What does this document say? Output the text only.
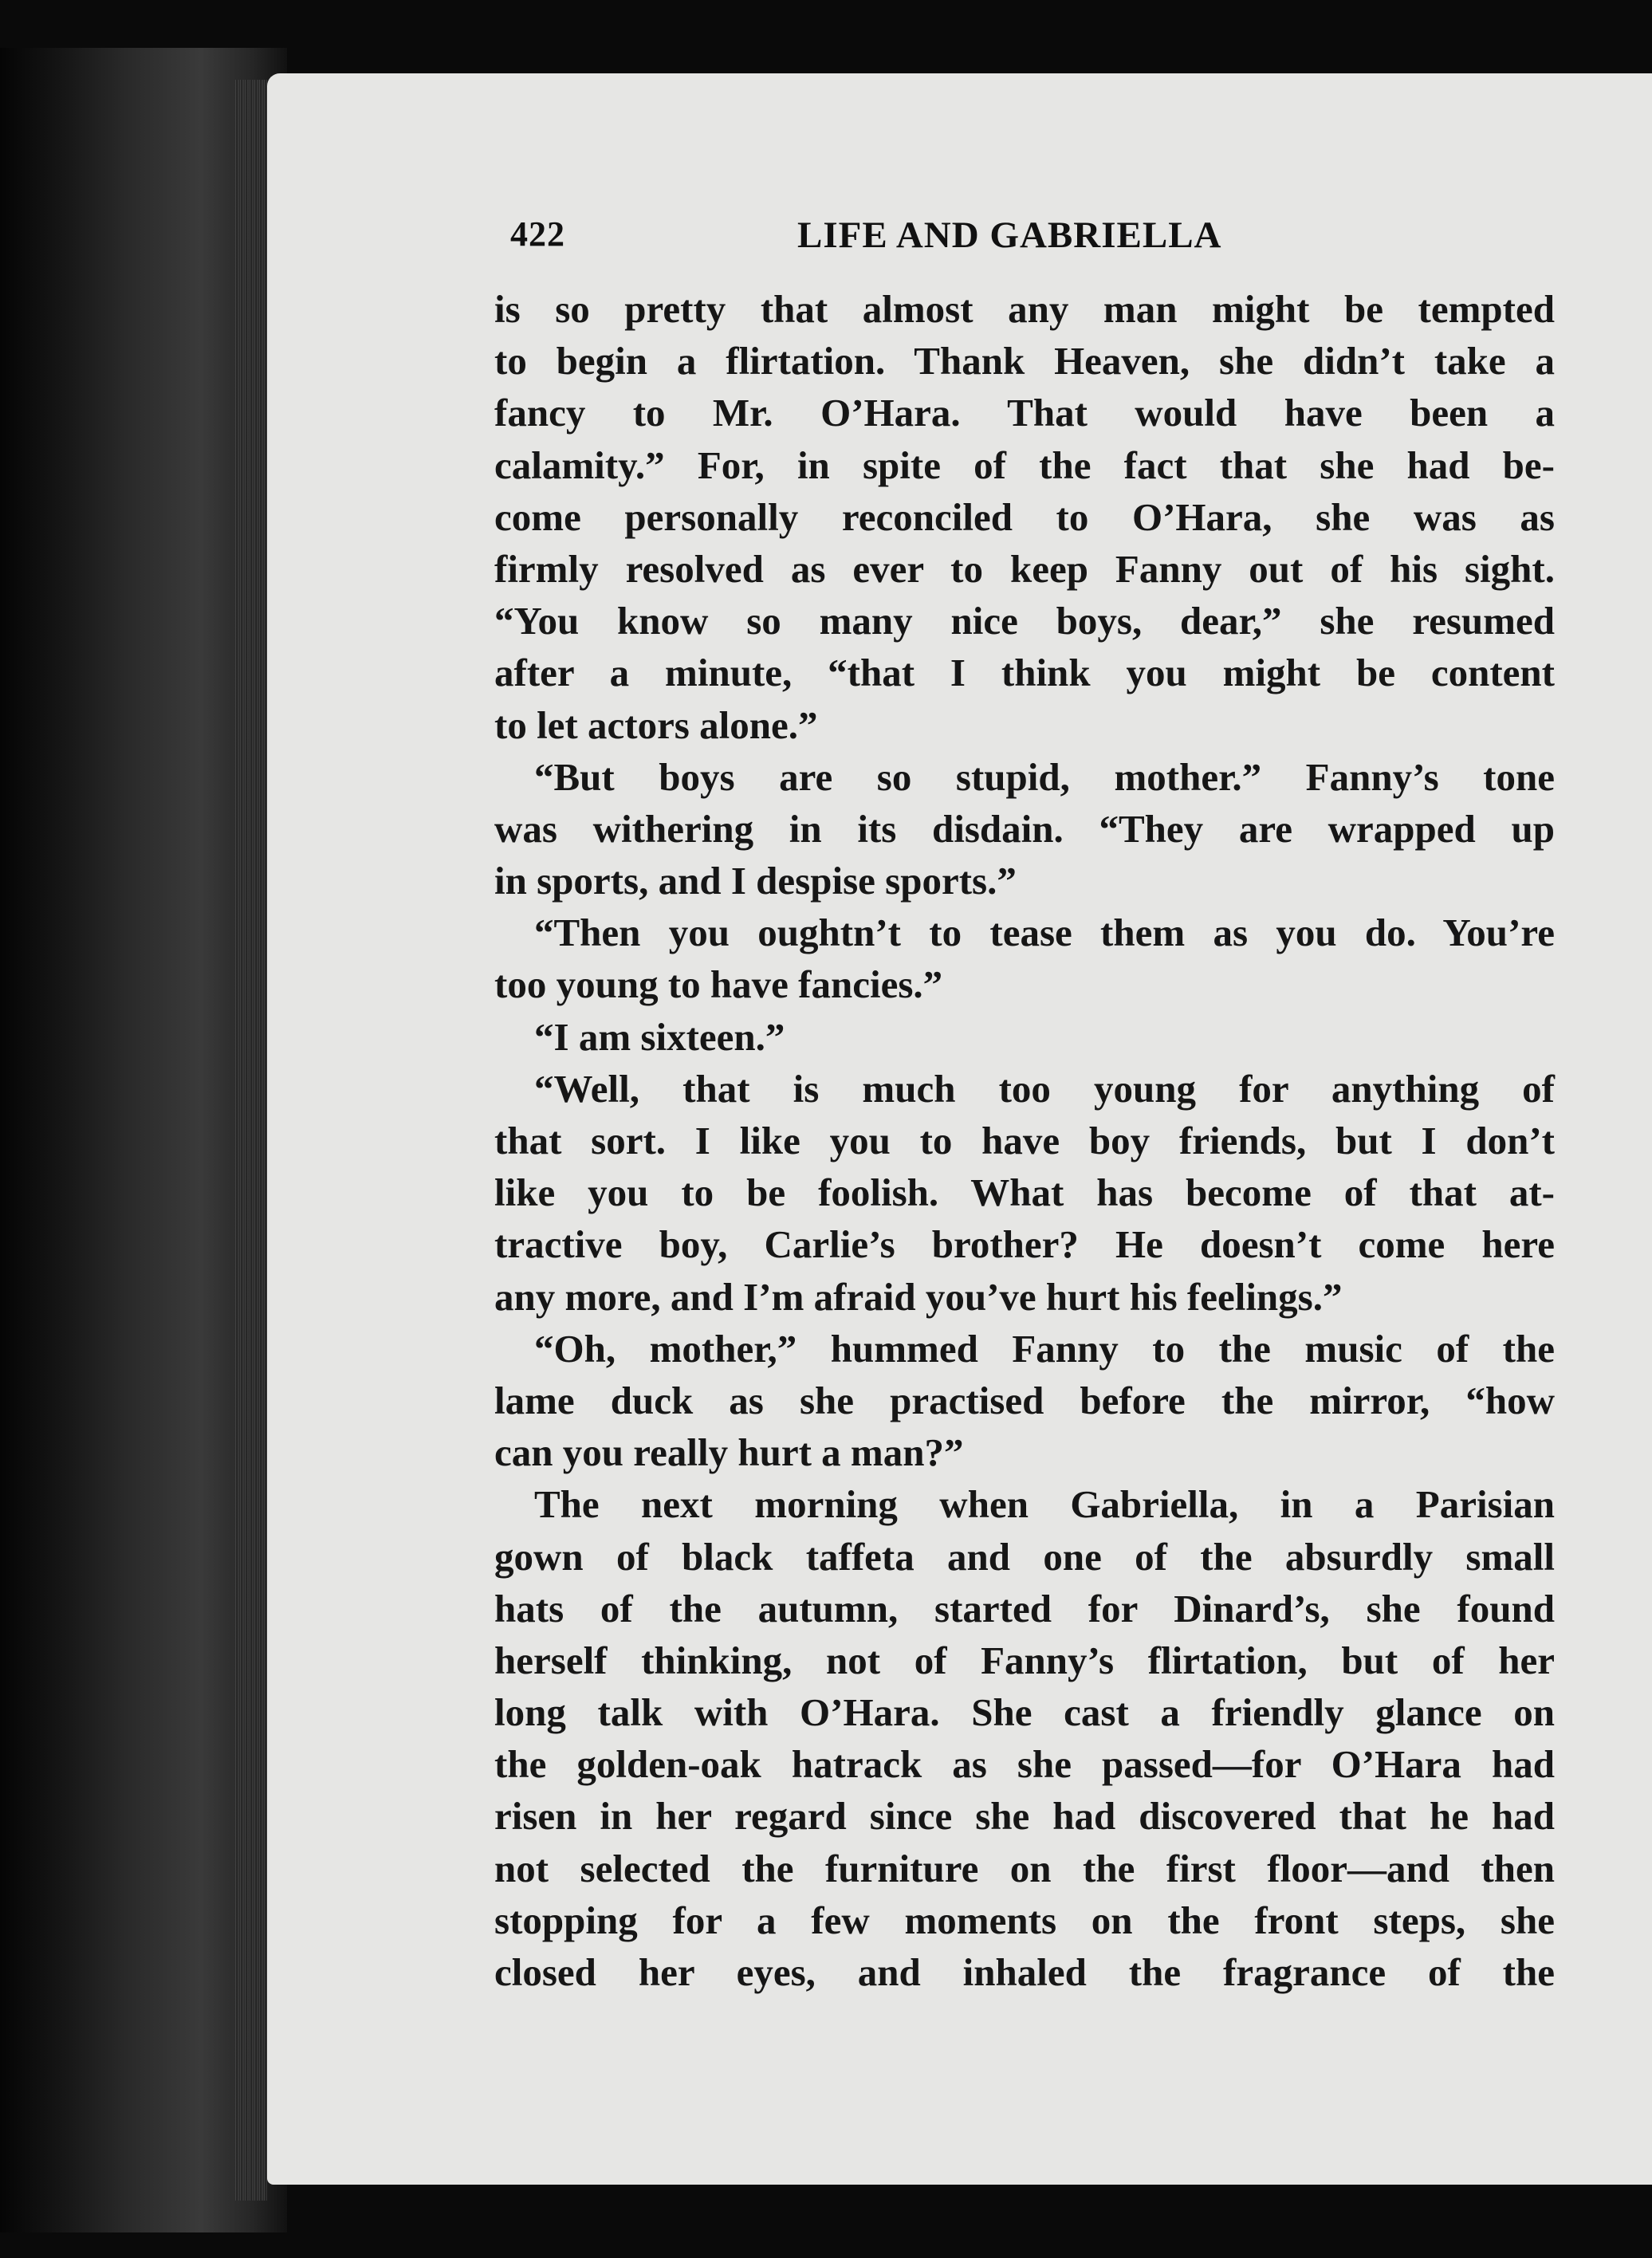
422	LIFE AND GABRIELLA
is so pretty that almost any man might be tempted
to begin a flirtation. Thank Heaven, she didn’t take a
fancy to Mr. O’Hara. That would have been a
calamity.” For, in spite of the fact that she had be-
come personally reconciled to O’Hara, she was as
firmly resolved as ever to keep Fanny out of his sight.
“You know so many nice boys, dear,” she resumed
after a minute, “that I think you might be content
to let actors alone.”
“But boys are so stupid, mother.” Fanny’s tone
was withering in its disdain. “They are wrapped up
in sports, and I despise sports.”
“Then you oughtn’t to tease them as you do. You’re
too young to have fancies.”
“I am sixteen.”
“Well, that is much too young for anything of
that sort. I like you to have boy friends, but I don’t
like you to be foolish. What has become of that at-
tractive boy, Carlie’s brother? He doesn’t come here
any more, and I’m afraid you’ve hurt his feelings.”
“Oh, mother,” hummed Fanny to the music of the
lame duck as she practised before the mirror, “how
can you really hurt a man?”
The next morning when Gabriella, in a Parisian
gown of black taffeta and one of the absurdly small
hats of the autumn, started for Dinard’s, she found
herself thinking, not of Fanny’s flirtation, but of her
long talk with O’Hara. She cast a friendly glance on
the golden-oak hatrack as she passed—for O’Hara had
risen in her regard since she had discovered that he had
not selected the furniture on the first floor—and then
stopping for a few moments on the front steps, she
closed her eyes, and inhaled the fragrance of the
